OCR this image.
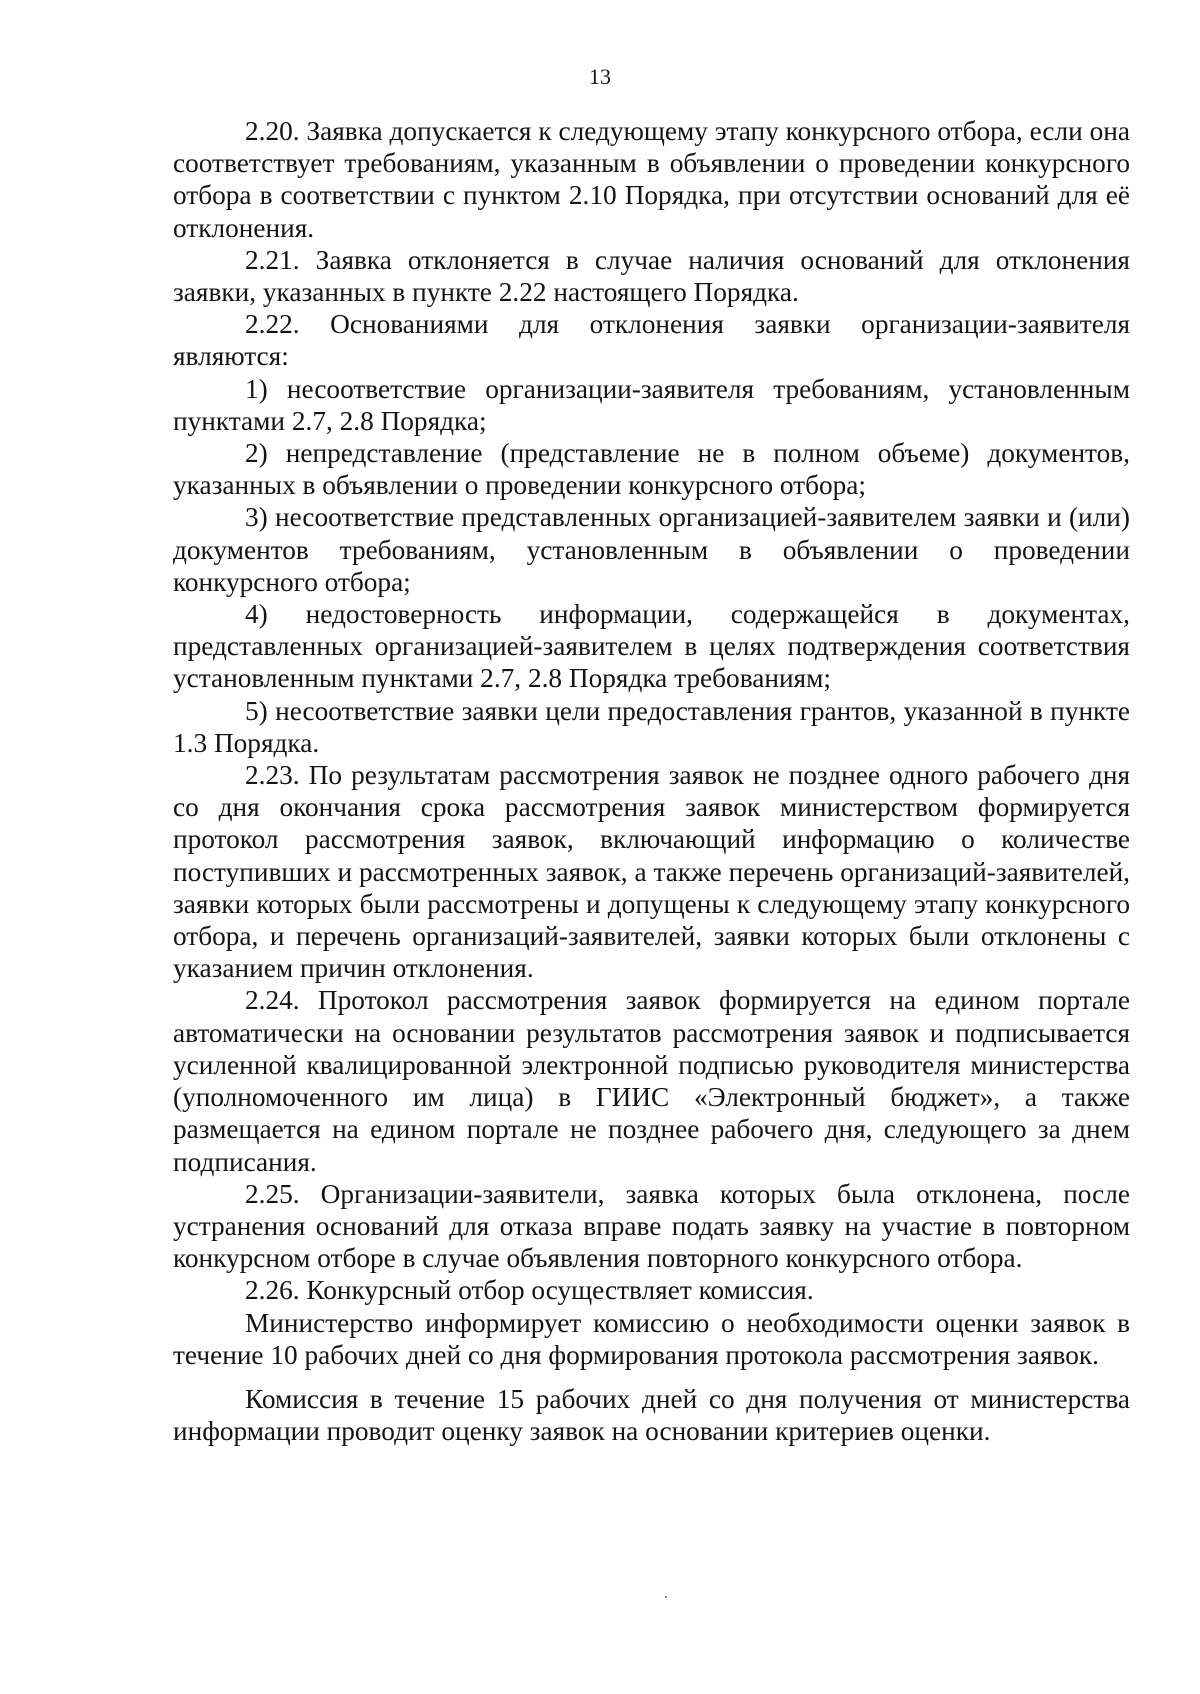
13

2.20. Заявка допускается к следующему этапу конкурсного отбора, если она соответствует требованиям, указанным в объявлении о проведении конкурсного отбора в соответствии с пунктом 2.10 Порядка, при отсутствии оснований для её отклонения.

2.21. Заявка отклоняется в случае наличия оснований для отклонения заявки, указанных в пункте 2.22 настоящего Порядка.

2.22. Основаниями для отклонения заявки организации-заявителя являются:

1) несоответствие организации-заявителя требованиям, установленным пунктами 2.7, 2.8 Порядка;

2) непредставление (представление не в полном объеме) документов, указанных в объявлении о проведении конкурсного отбора;

3) несоответствие представленных организацией-заявителем заявки и (или) документов требованиям, установленным в объявлении о проведении конкурсного отбора;

4) недостоверность информации, содержащейся в документах, представленных организацией-заявителем в целях подтверждения соответствия установленным пунктами 2.7, 2.8 Порядка требованиям;

5) несоответствие заявки цели предоставления грантов, указанной в пункте 1.3 Порядка.

2.23. По результатам рассмотрения заявок не позднее одного рабочего дня со дня окончания срока рассмотрения заявок министерством формируется протокол рассмотрения заявок, включающий информацию о количестве поступивших и рассмотренных заявок, а также перечень организаций-заявителей, заявки которых были рассмотрены и допущены к следующему этапу конкурсного отбора, и перечень организаций-заявителей, заявки которых были отклонены с указанием причин отклонения.

2.24. Протокол рассмотрения заявок формируется на едином портале автоматически на основании результатов рассмотрения заявок и подписывается усиленной квалицированной электронной подписью руководителя министерства (уполномоченного им лица) в ГИИС «Электронный бюджет», а также размещается на едином портале не позднее рабочего дня, следующего за днем подписания.

2.25. Организации-заявители, заявка которых была отклонена, после устранения оснований для отказа вправе подать заявку на участие в повторном конкурсном отборе в случае объявления повторного конкурсного отбора.

2.26. Конкурсный отбор осуществляет комиссия.

Министерство информирует комиссию о необходимости оценки заявок в течение 10 рабочих дней со дня формирования протокола рассмотрения заявок.

Комиссия в течение 15 рабочих дней со дня получения от министерства информации проводит оценку заявок на основании критериев оценки.
